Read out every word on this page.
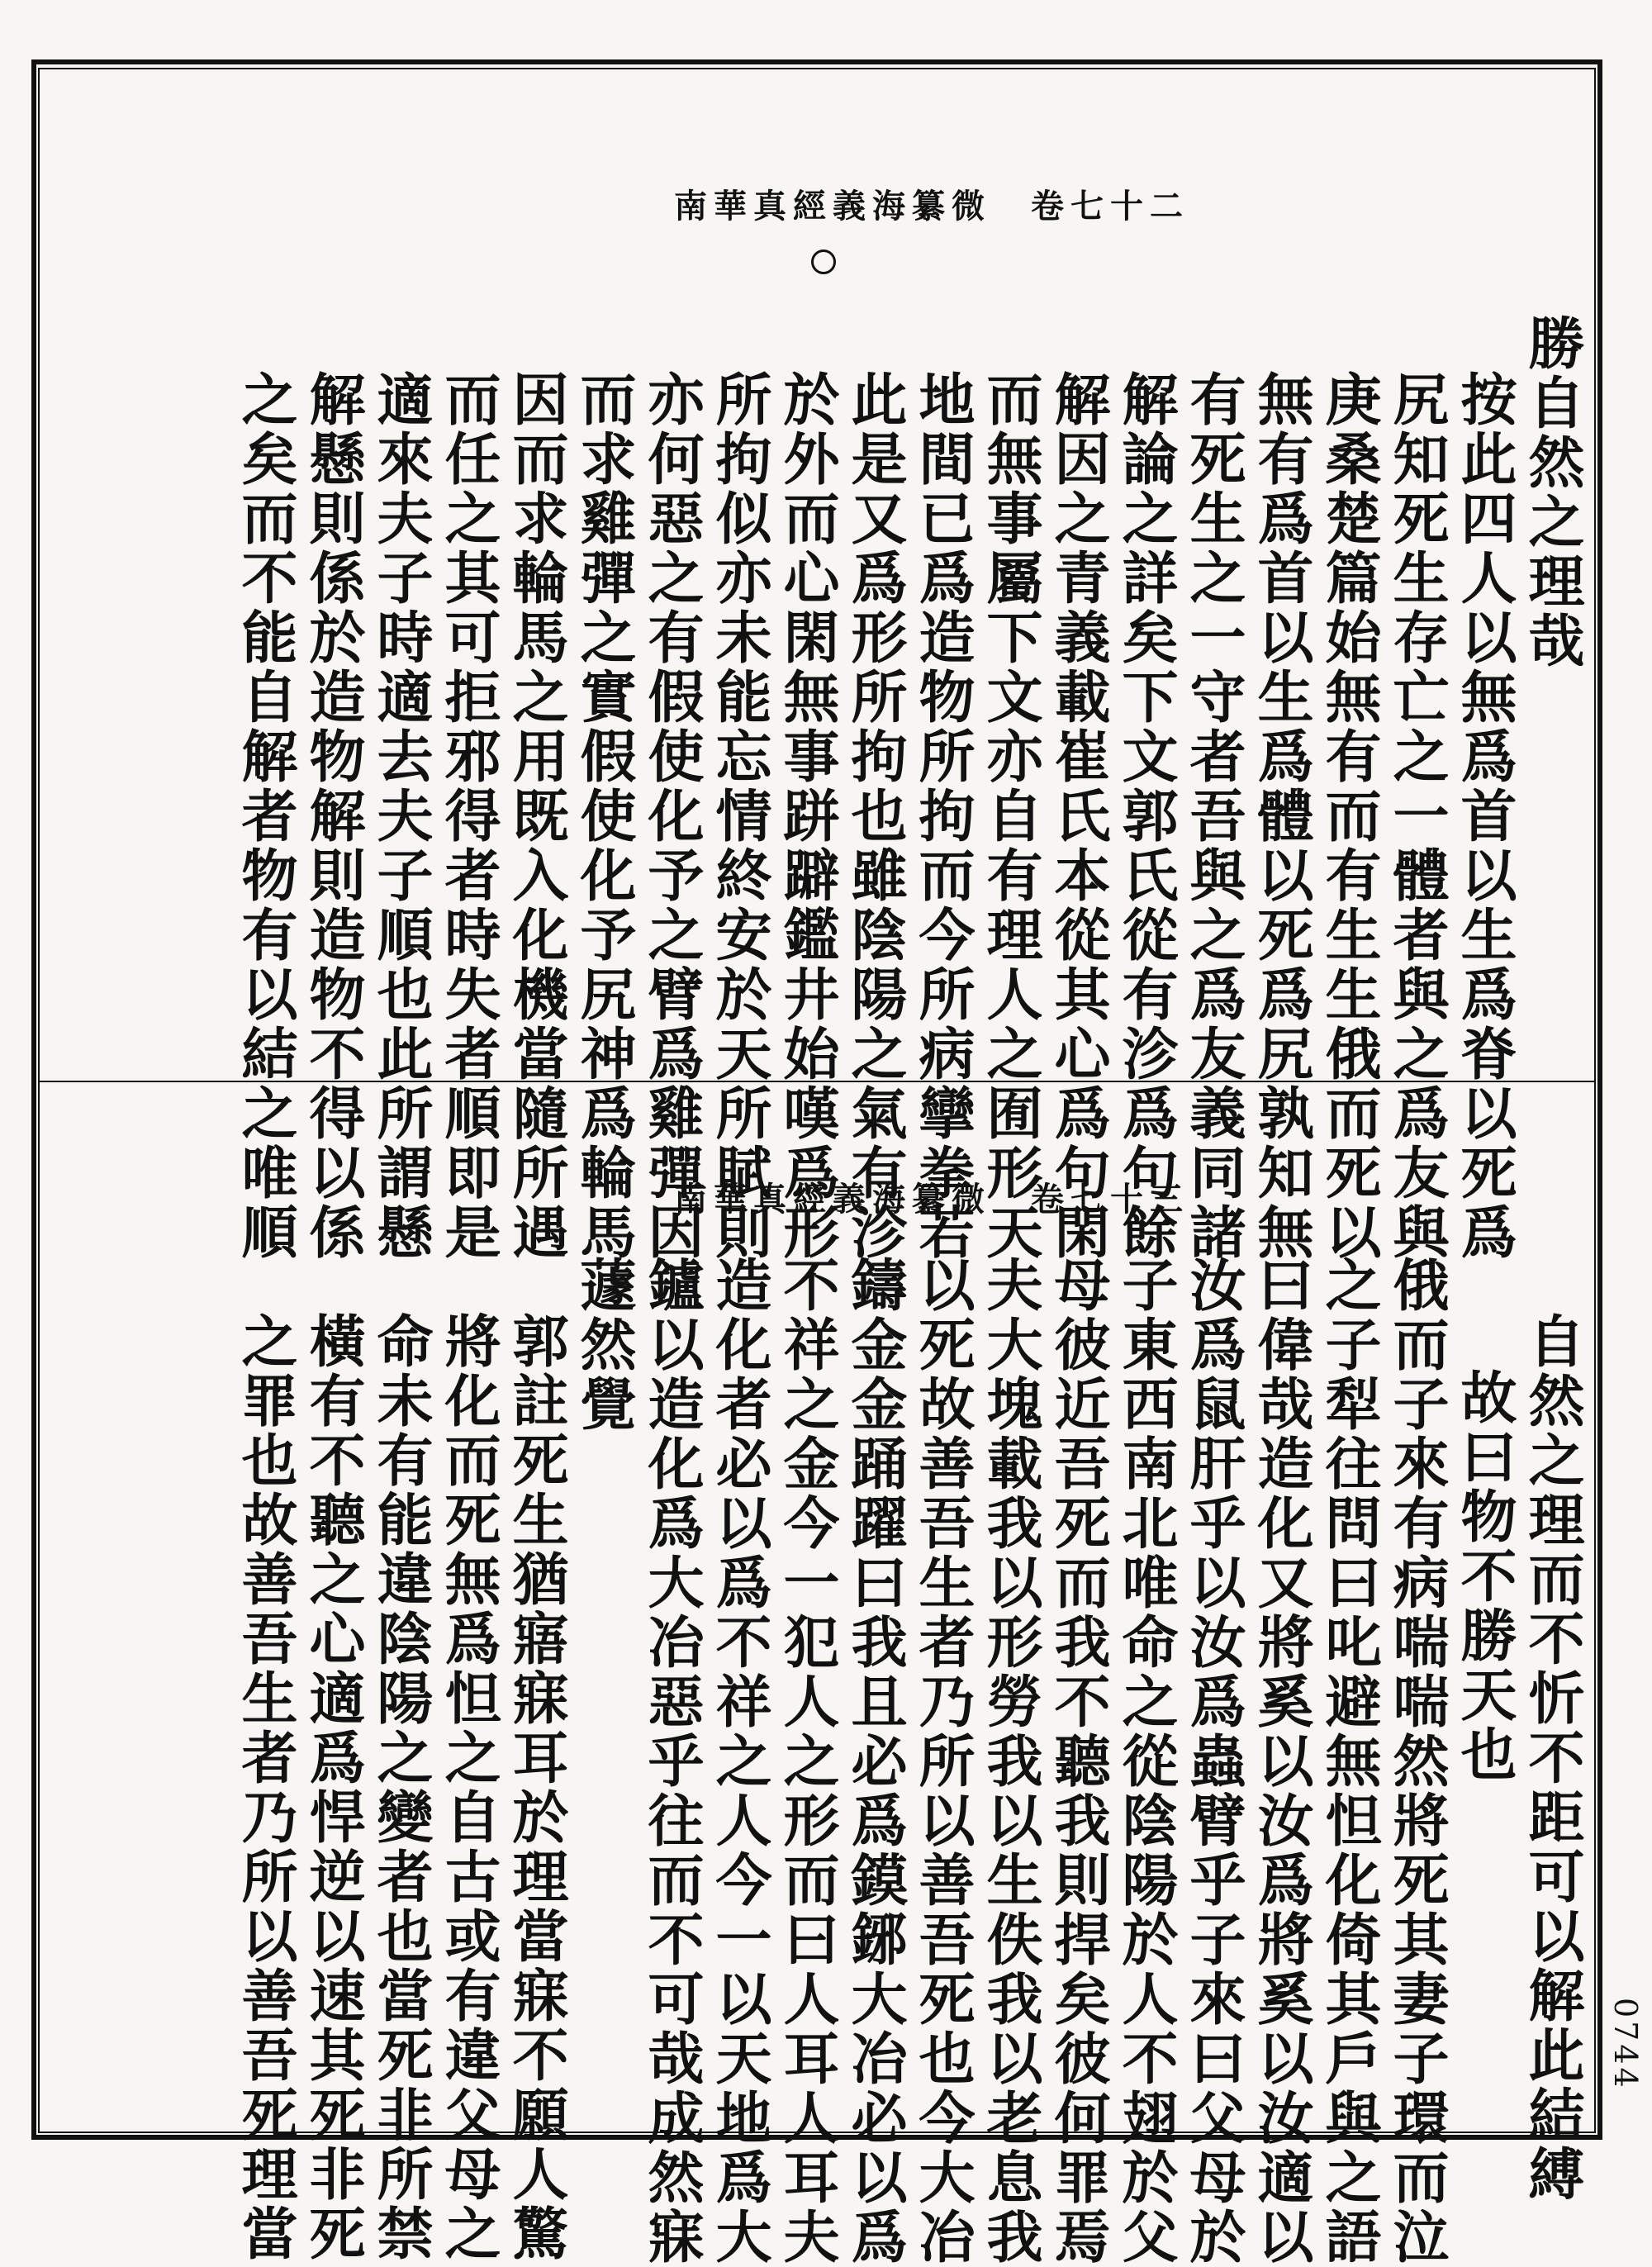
南華真經義海纂微　卷七十二
南華真經義海纂微　卷七十三
勝自然之理哉
按此四人以無爲首以生爲脊以死爲
尻知死生存亡之一體者與之爲友與
庚桑楚篇始無有而有生生俄而死以
無有爲首以生爲體以死爲尻孰知無
有死生之一守者吾與之爲友義同諸
解論之詳矣下文郭氏從有沴爲句餘
解因之青義載崔氏本從其心爲句閑
而無事屬下文亦自有理人之囿形天
地間已爲造物所拘而今所病攣拳若
此是又爲形所拘也雖陰陽之氣有沴
於外而心閑無事跰躃鑑井始嘆爲形
所拘似亦未能忘情終安於天所賦則
亦何惡之有假使化予之臂爲雞彈因
而求雞彈之實假使化予尻神爲輪馬
因而求輪馬之用既入化機當隨所遇
而任之其可拒邪得者時失者順即是
適來夫子時適去夫子順也此所謂懸
解懸則係於造物解則造物不得以係
之矣而不能自解者物有以結之唯順
自然之理而不忻不距可以解此結縛
故曰物不勝天也
俄而子來有病喘喘然將死其妻子環而泣
之子犁往問曰叱避無怛化倚其戶與之語
曰偉哉造化又將奚以汝爲將奚以汝適以
汝爲鼠肝乎以汝爲蟲臂乎子來曰父母於
子東西南北唯命之從陰陽於人不翅於父
母彼近吾死而我不聽我則捍矣彼何罪焉
夫大塊載我以形勞我以生佚我以老息我
以死故善吾生者乃所以善吾死也今大冶
鑄金金踊躍曰我且必爲鏌鋣大冶必以爲
不祥之金今一犯人之形而曰人耳人耳夫
造化者必以爲不祥之人今一以天地爲大
鑪以造化爲大冶惡乎往而不可哉成然寐
蘧然覺
郭註死生猶寤寐耳於理當寐不願人驚
將化而死無爲怛之自古或有違父母之
命未有能違陰陽之變者也當死非所禁
橫有不聽之心適爲悍逆以速其死非死
之罪也故善吾生者乃所以善吾死理當	0744
